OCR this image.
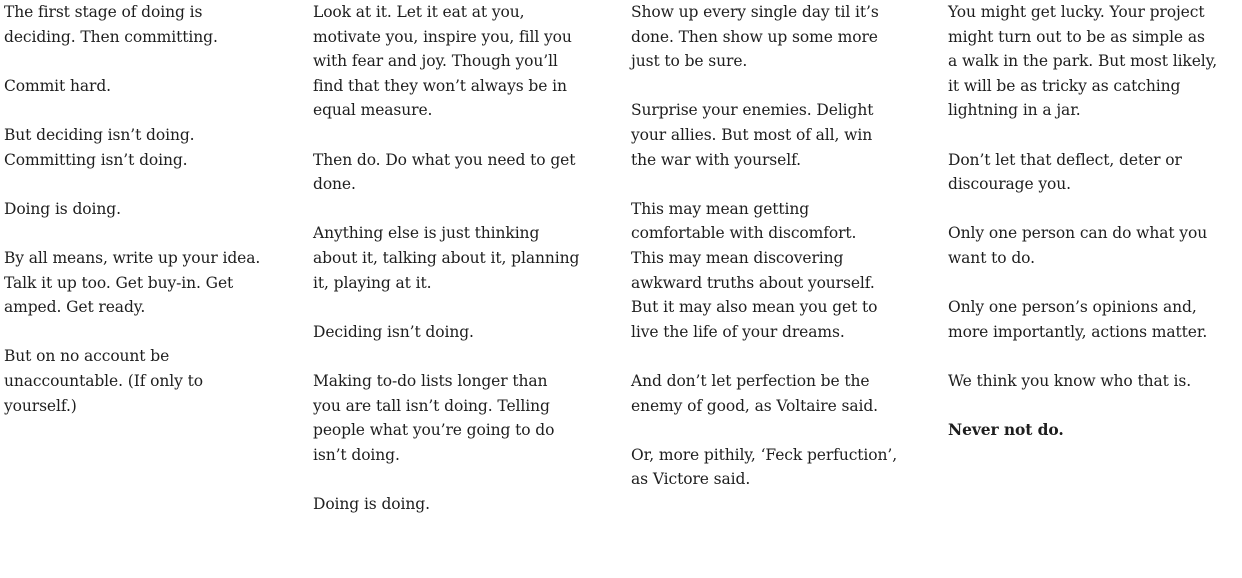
The first stage of doing is
deciding. Then committing.

Commit hard.

But deciding isn’t doing.
Committing isn’t doing.

Doing is doing.

By all means, write up your idea.
Talk it up too. Get buy-in. Get
amped. Get ready.

But on no account be
unaccountable. (If only to
yourself.)

Look at it. Let it eat at you,
motivate you, inspire you, fill you
with fear and joy. Though you’ll
find that they won’t always be in
equal measure.

Then do. Do what you need to get
done.

Anything else is just thinking
about it, talking about it, planning
it, playing at it.

Deciding isn’t doing.

Making to-do lists longer than
you are tall isn’t doing. Telling
people what you’re going to do
isn’t doing.

Doing is doing.

Show up every single day til it’s
done. Then show up some more
just to be sure.

Surprise your enemies. Delight
your allies. But most of all, win
the war with yourself.

This may mean getting
comfortable with discomfort.
This may mean discovering
awkward truths about yourself.
But it may also mean you get to
live the life of your dreams.

And don’t let perfection be the
enemy of good, as Voltaire said.

Or, more pithily, ‘Feck perfuction’,
as Victore said.

You might get lucky. Your project
might turn out to be as simple as
a walk in the park. But most likely,
it will be as tricky as catching
lightning in a jar.

Don’t let that deflect, deter or
discourage you.

Only one person can do what you
want to do.

Only one person’s opinions and,
more importantly, actions matter.

We think you know who that is.

Never not do.
